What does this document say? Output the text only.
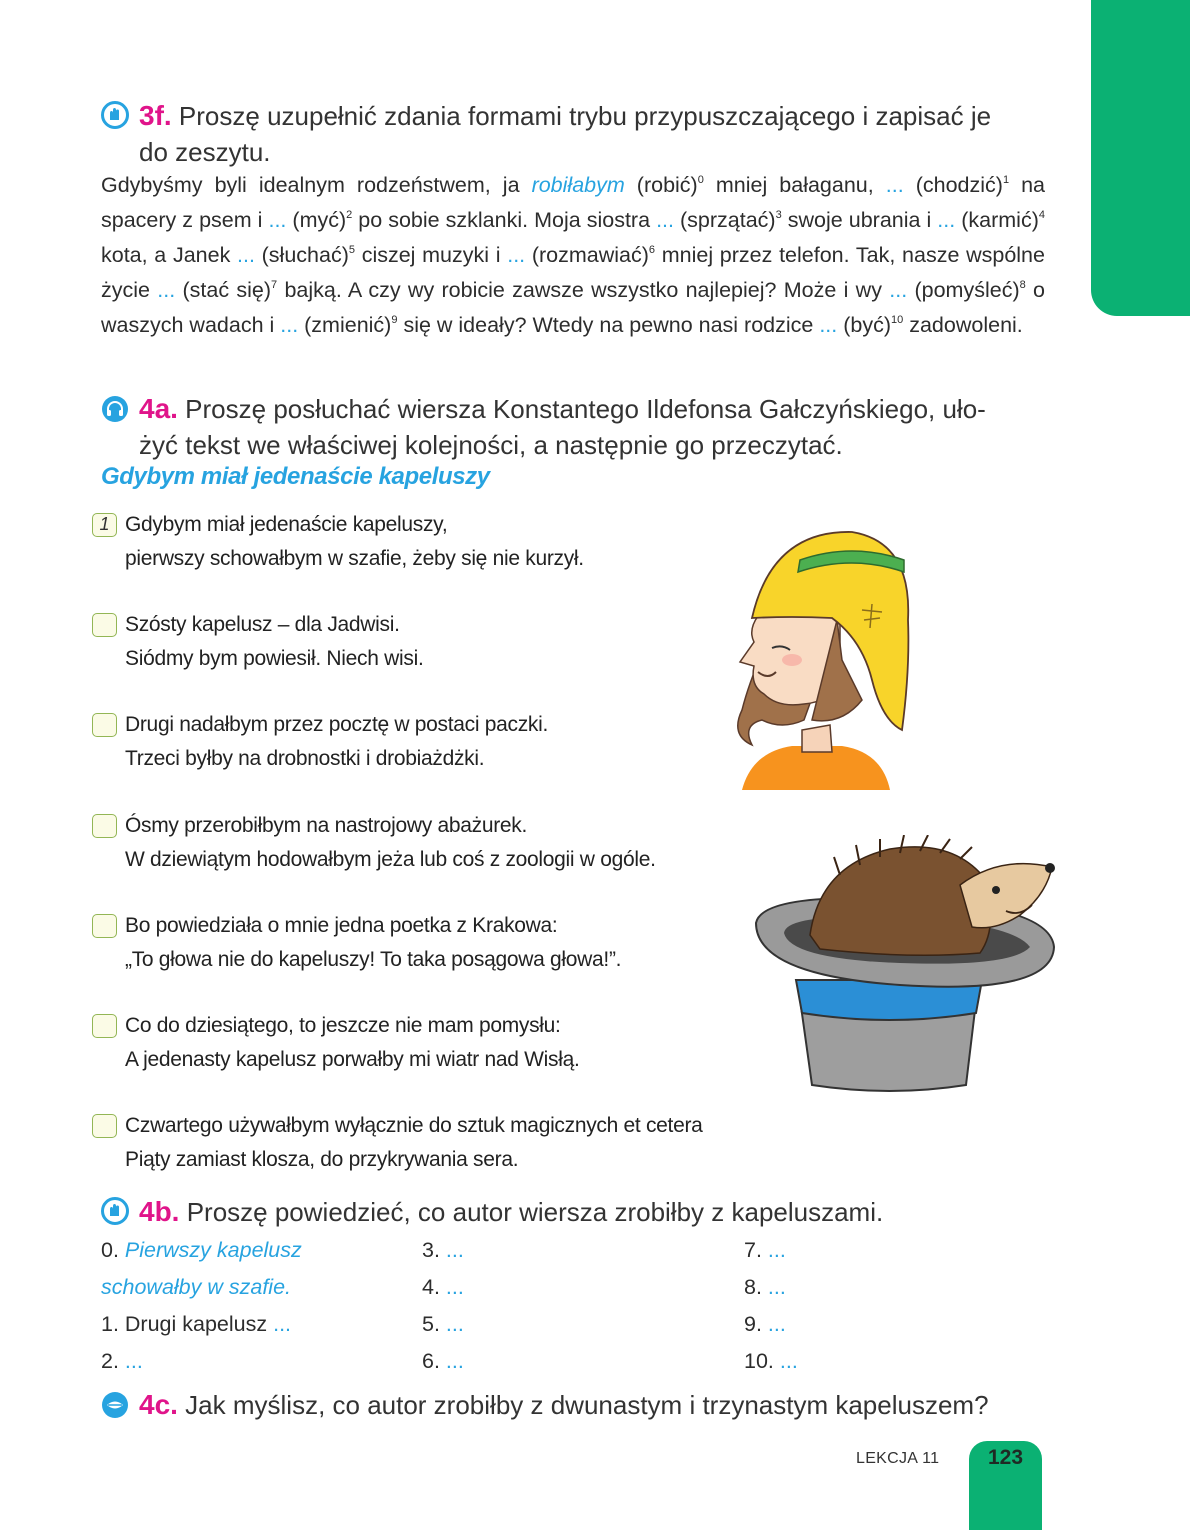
3f. Proszę uzupełnić zdania formami trybu przypuszczającego i zapisać je
do zeszytu.
Gdybyśmy byli idealnym rodzeństwem, ja robiłabym (robić)$^0$ mniej bałaganu, ... (chodzić)$^1$ na spacery z psem i ... (myć)$^2$ po sobie szklanki. Moja siostra ... (sprzątać)$^3$ swoje ubrania i ... (karmić)$^4$ kota, a Janek ... (słuchać)$^5$ ciszej muzyki i ... (rozmawiać)$^6$ mniej przez telefon. Tak, nasze wspólne życie ... (stać się)$^7$ bajką. A czy wy robicie zawsze wszystko najlepiej? Może i wy ... (pomyśleć)$^8$ o waszych wadach i ... (zmienić)$^9$ się w ideały? Wtedy na pewno nasi rodzice ... (być)$^{10}$ zadowoleni.
4a. Proszę posłuchać wiersza Konstantego Ildefonsa Gałczyńskiego, uło-
żyć tekst we właściwej kolejności, a następnie go przeczytać.
Gdybym miał jedenaście kapeluszy
1 Gdybym miał jedenaście kapeluszy,
pierwszy schowałbym w szafie, żeby się nie kurzył.
Szósty kapelusz – dla Jadwisi.
Siódmy bym powiesił. Niech wisi.
Drugi nadałbym przez pocztę w postaci paczki.
Trzeci byłby na drobnostki i drobiażdżki.
Ósmy przerobiłbym na nastrojowy abażurek.
W dziewiątym hodowałbym jeża lub coś z zoologii w ogóle.
Bo powiedziała o mnie jedna poetka z Krakowa:
„To głowa nie do kapeluszy! To taka posągowa głowa!”.
Co do dziesiątego, to jeszcze nie mam pomysłu:
A jedenasty kapelusz porwałby mi wiatr nad Wisłą.
Czwartego używałbym wyłącznie do sztuk magicznych et cetera
Piąty zamiast klosza, do przykrywania sera.
4b. Proszę powiedzieć, co autor wiersza zrobiłby z kapeluszami.
0. Pierwszy kapelusz
schowałby w szafie.
1. Drugi kapelusz ...
2. ...
3. ...
4. ...
5. ...
6. ...
7. ...
8. ...
9. ...
10. ...
4c. Jak myślisz, co autor zrobiłby z dwunastym i trzynastym kapeluszem?
LEKCJA 11	123
